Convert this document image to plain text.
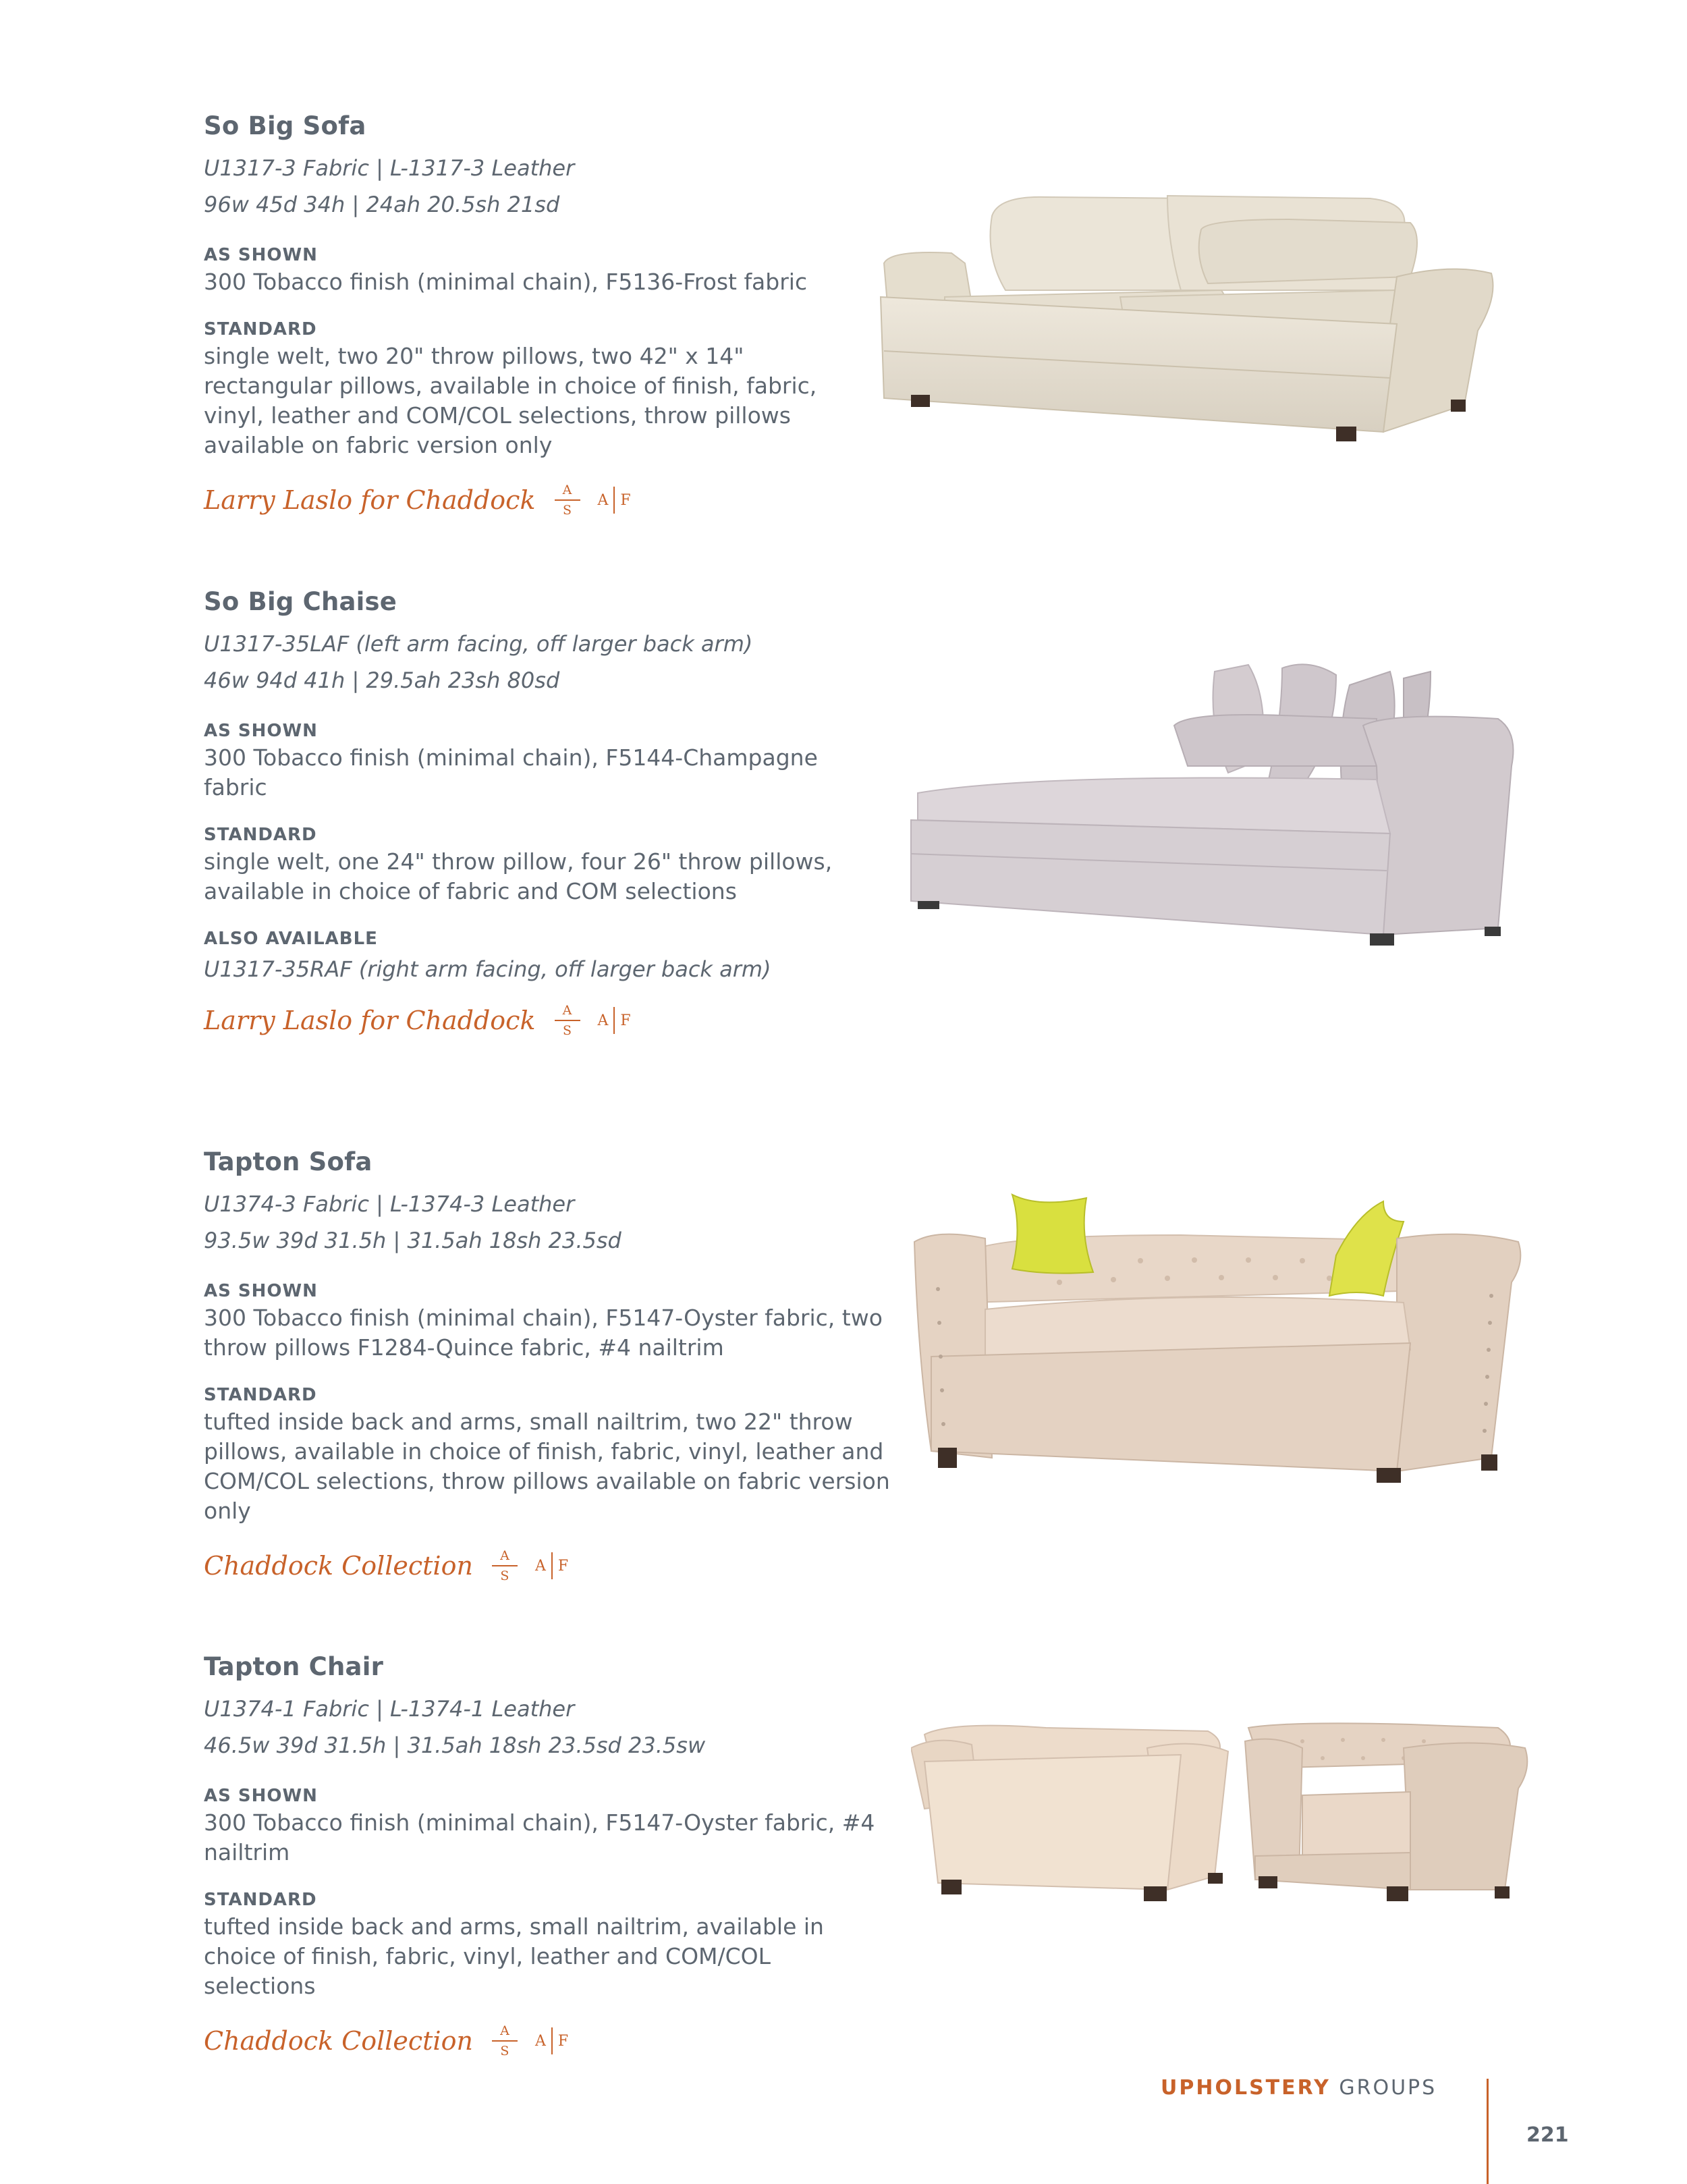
So Big Sofa
U1317-3 Fabric | L-1317-3 Leather
96w 45d 34h | 24ah 20.5sh 21sd
AS SHOWN
300 Tobacco finish (minimal chain), F5136-Frost fabric
STANDARD
single welt, two 20" throw pillows, two 42" x 14" rectangular pillows, available in choice of finish, fabric, vinyl, leather and COM/COL selections, throw pillows available on fabric version only
Larry Laslo for Chaddock $\frac{A}{S}$ A F
So Big Chaise
U1317-35LAF (left arm facing, off larger back arm)
46w 94d 41h | 29.5ah 23sh 80sd
AS SHOWN
300 Tobacco finish (minimal chain), F5144-Champagne fabric
STANDARD
single welt, one 24" throw pillow, four 26" throw pillows, available in choice of fabric and COM selections
ALSO AVAILABLE
U1317-35RAF (right arm facing, off larger back arm)
Larry Laslo for Chaddock $\frac{A}{S}$ A F
Tapton Sofa
U1374-3 Fabric | L-1374-3 Leather
93.5w 39d 31.5h | 31.5ah 18sh 23.5sd
AS SHOWN
300 Tobacco finish (minimal chain), F5147-Oyster fabric, two throw pillows F1284-Quince fabric, #4 nailtrim
STANDARD
tufted inside back and arms, small nailtrim, two 22" throw pillows, available in choice of finish, fabric, vinyl, leather and COM/COL selections, throw pillows available on fabric version only
Chaddock Collection $\frac{A}{S}$ A F
Tapton Chair
U1374-1 Fabric | L-1374-1 Leather
46.5w 39d 31.5h | 31.5ah 18sh 23.5sd 23.5sw
AS SHOWN
300 Tobacco finish (minimal chain), F5147-Oyster fabric, #4 nailtrim
STANDARD
tufted inside back and arms, small nailtrim, available in choice of finish, fabric, vinyl, leather and COM/COL selections
Chaddock Collection $\frac{A}{S}$ A F
UPHOLSTERY GROUPS
221
